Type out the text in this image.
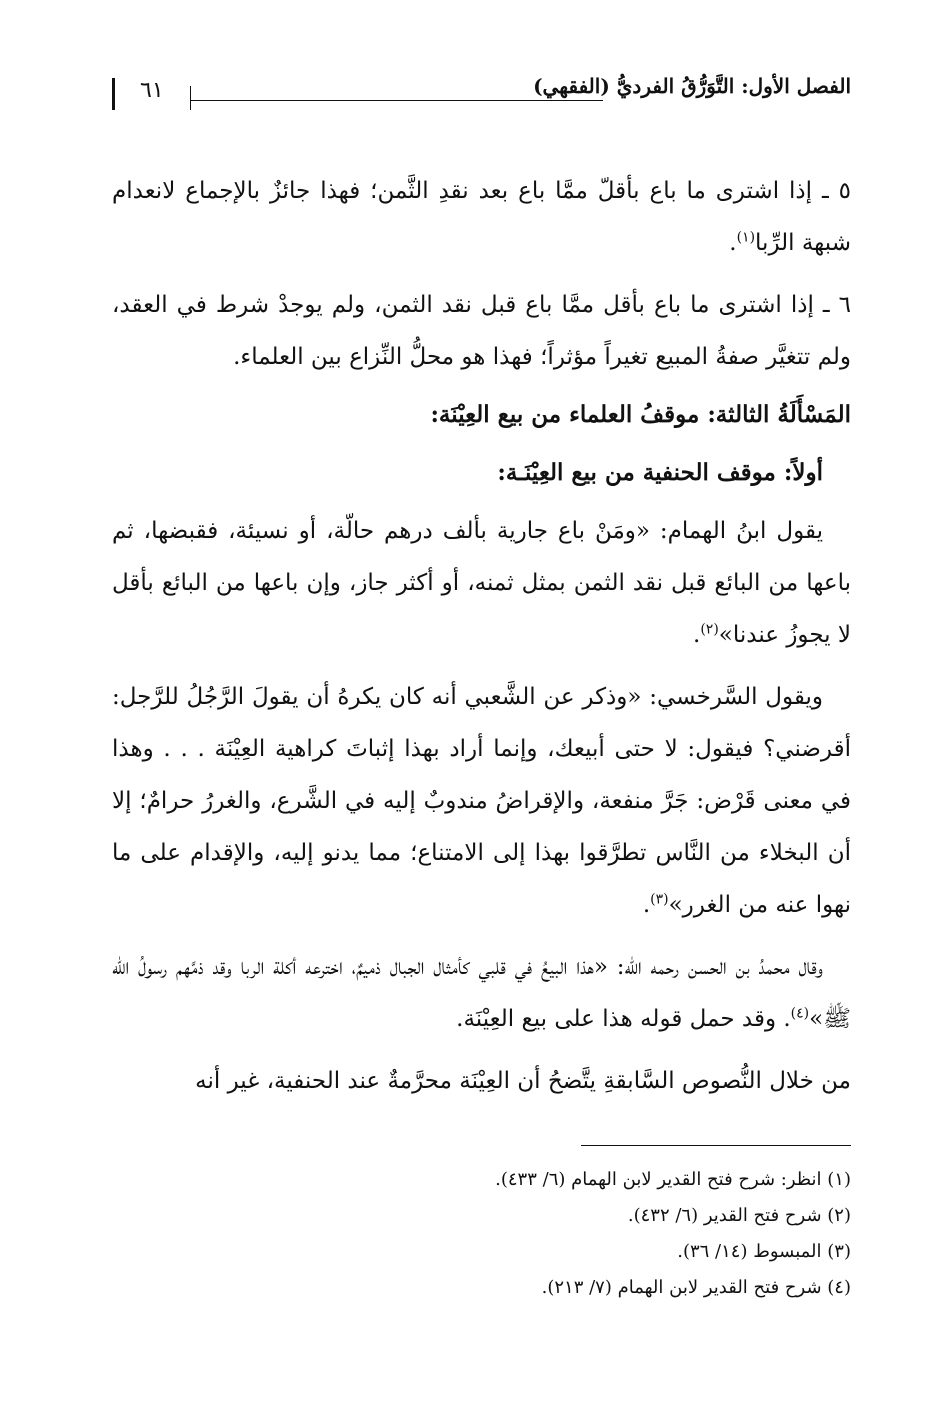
٦١	الفصل الأول: التَّوَرُّقُ الفرديُّ (الفقهي)

٥ ـ إذا اشترى ما باع بأقلّ ممَّا باع بعد نقدِ الثَّمن؛ فهذا جائزٌ بالإجماع لانعدام شبهة الرِّبا$^{(١)}$.

٦ ـ إذا اشترى ما باع بأقل ممَّا باع قبل نقد الثمن، ولم يوجدْ شرط في العقد، ولم تتغيَّر صفةُ المبيع تغيراً مؤثراً؛ فهذا هو محلُّ النِّزاع بين العلماء.

المَسْأَلَةُ الثالثة: موقفُ العلماء من بيع العِيْنَة:

أولاً: موقف الحنفية من بيع العِيْنَـة:

يقول ابنُ الهمام: «ومَنْ باع جارية بألف درهم حالّة، أو نسيئة، فقبضها، ثم باعها من البائع قبل نقد الثمن بمثل ثمنه، أو أكثر جاز، وإن باعها من البائع بأقل لا يجوزُ عندنا»$^{(٢)}$.

ويقول السَّرخسي: «وذكر عن الشَّعبي أنه كان يكرهُ أن يقولَ الرَّجُلُ للرَّجل: أقرضني؟ فيقول: لا حتى أبيعك، وإنما أراد بهذا إثباتَ كراهية العِيْنَة . . . وهذا في معنى قَرْض: جَرَّ منفعة، والإقراضُ مندوبٌ إليه في الشَّرع، والغررُ حرامٌ؛ إلا أن البخلاء من النَّاس تطرَّقوا بهذا إلى الامتناع؛ مما يدنو إليه، والإقدام على ما نهوا عنه من الغرر»$^{(٣)}$.

وقال محمدُ بن الحسن رحمه الله: «هذا البيعُ في قلبي كأمثال الجبال ذميمٌ، اخترعه أكلة الربا وقد ذمَّهم رسولُ الله ﷺ»$^{(٤)}$. وقد حمل قوله هذا على بيع العِيْنَة.

من خلال النُّصوص السَّابقةِ يتَّضحُ أن العِيْنَة محرَّمةٌ عند الحنفية، غير أنه

(١) انظر: شرح فتح القدير لابن الهمام (٦/ ٤٣٣).

(٢) شرح فتح القدير (٦/ ٤٣٢).

(٣) المبسوط (١٤/ ٣٦).

(٤) شرح فتح القدير لابن الهمام (٧/ ٢١٣).
